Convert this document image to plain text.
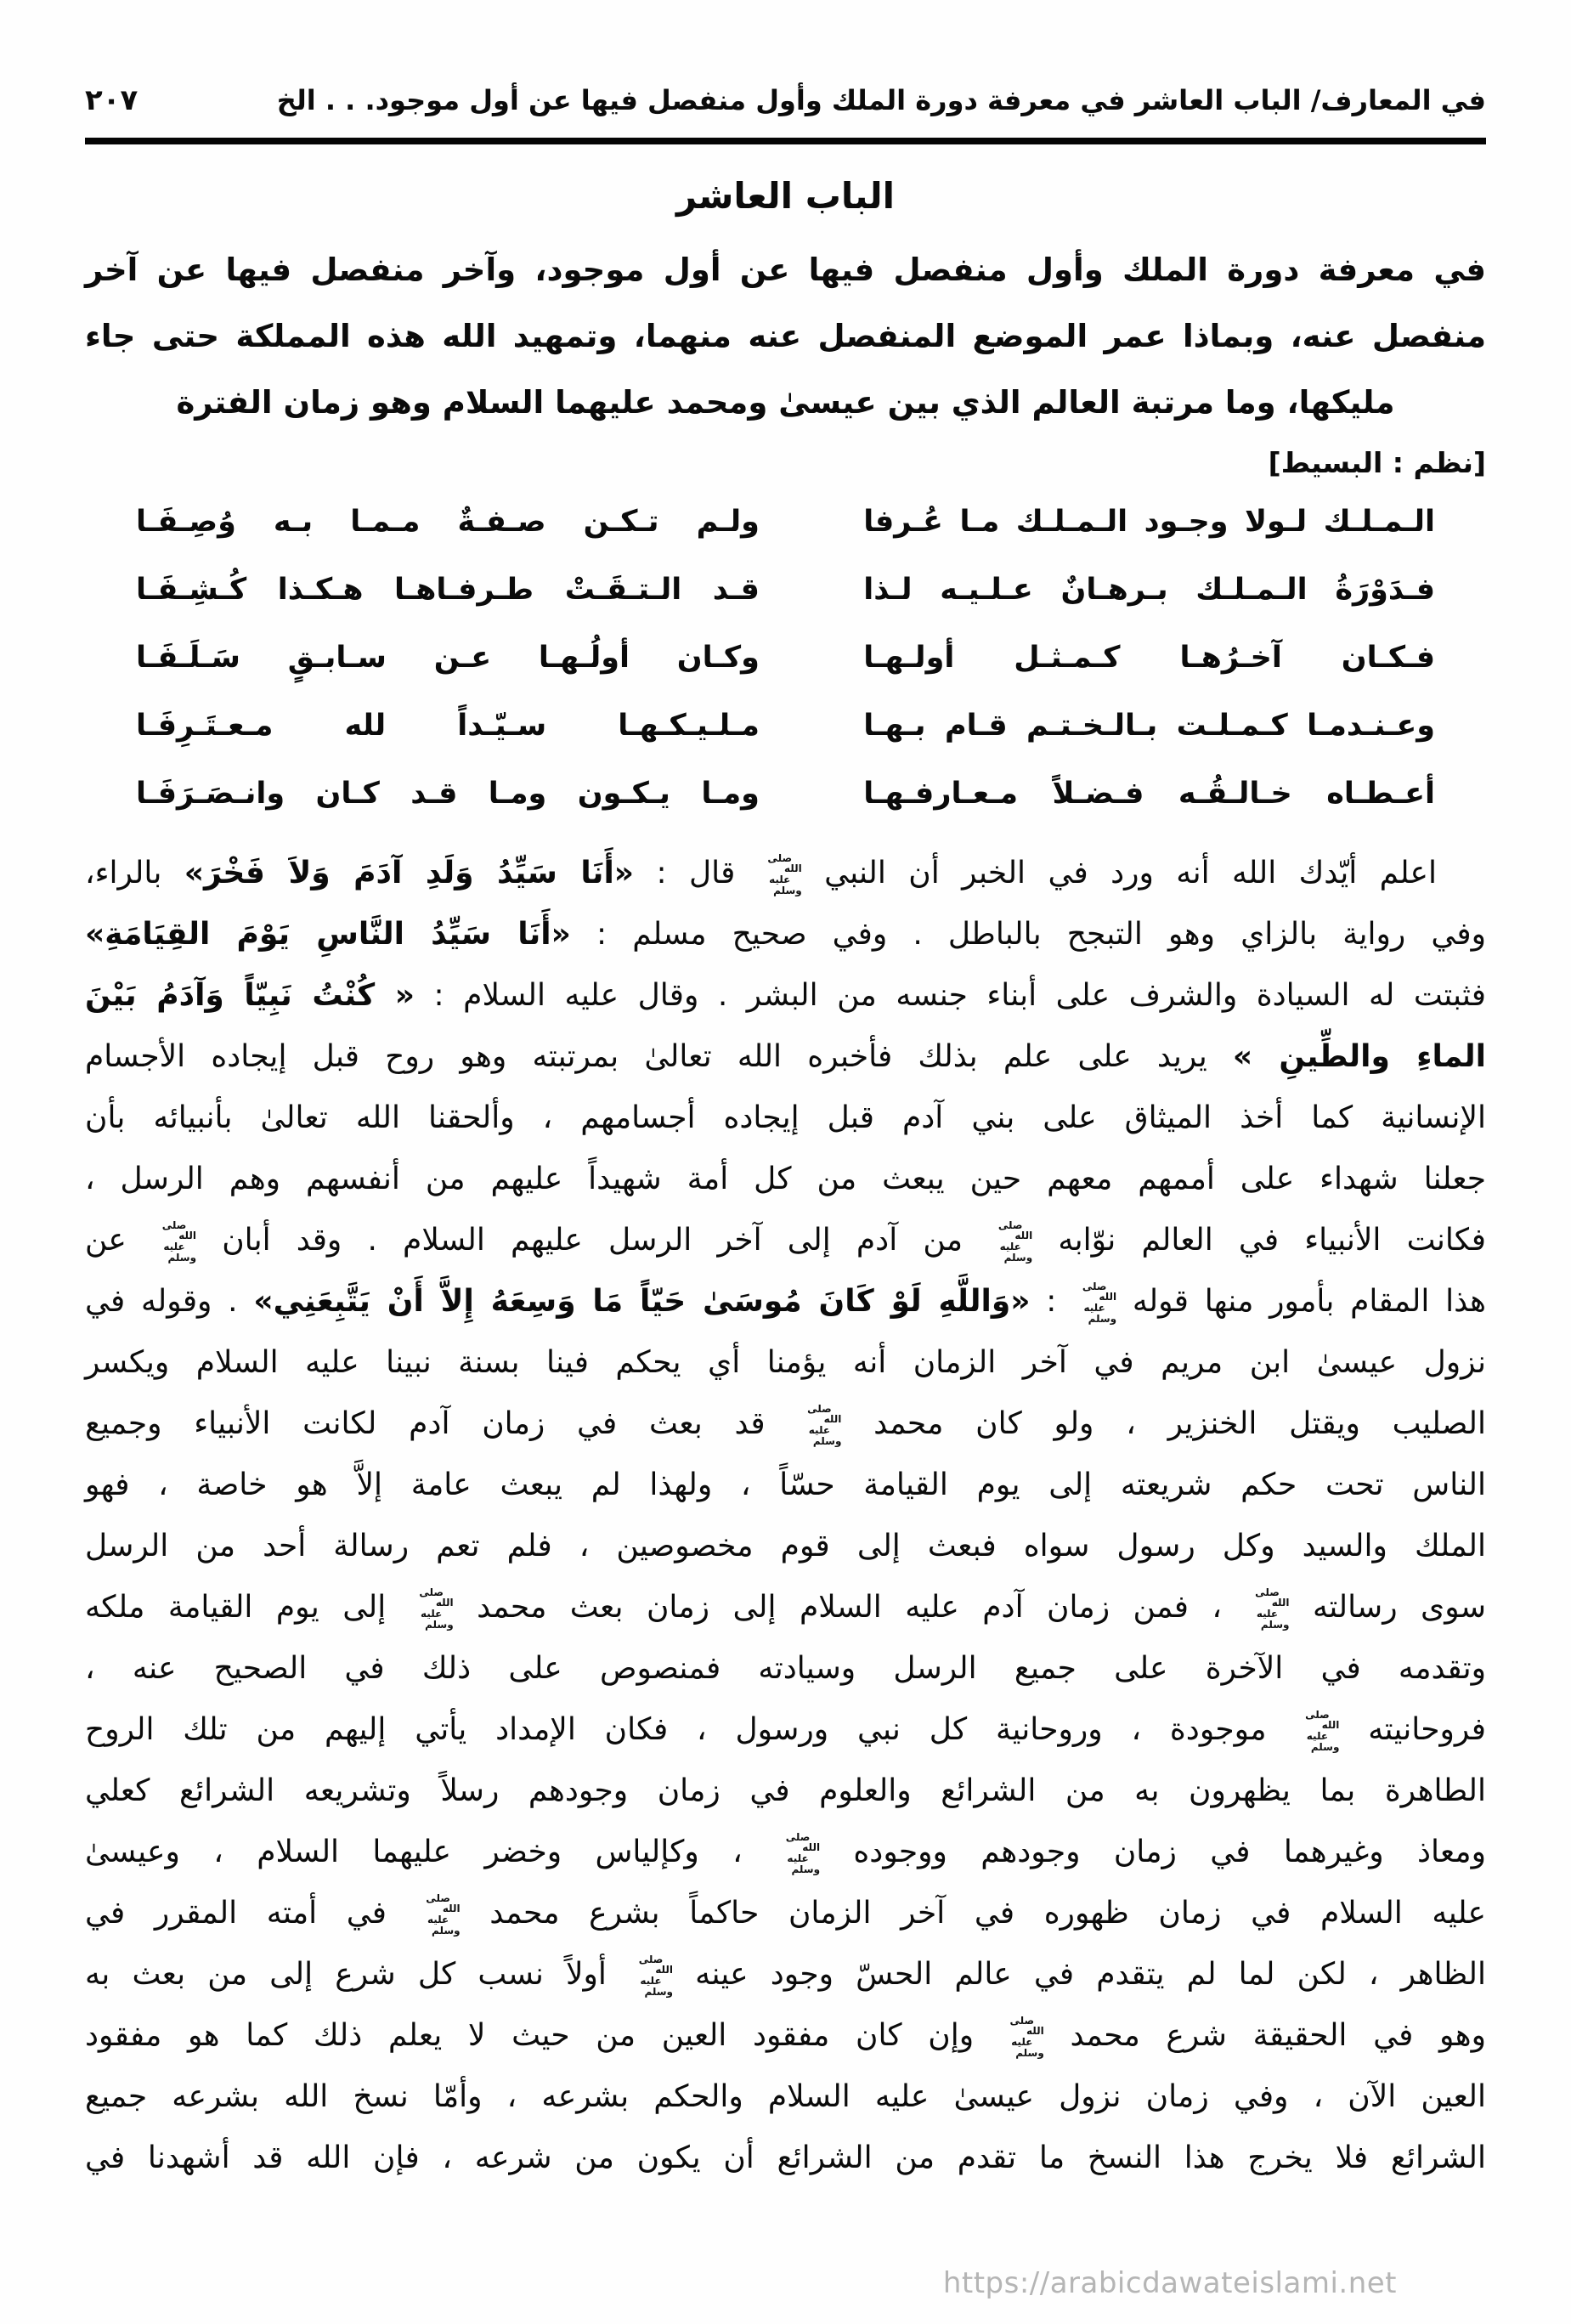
في المعارف/ الباب العاشر في معرفة دورة الملك وأول منفصل فيها عن أول موجود. . . الخ
٢٠٧
الباب العاشر
في معرفة دورة الملك وأول منفصل فيها عن أول موجود، وآخر منفصل فيها عن آخر
منفصل عنه، وبماذا عمر الموضع المنفصل عنه منهما، وتمهيد الله هذه المملكة حتى جاء
مليكها، وما مرتبة العالم الذي بين عيسىٰ ومحمد عليهما السلام وهو زمان الفترة
[نظم : البسيط]
الـمـلـك لـولا وجـود الـمـلـك مـا عُـرفا
ولـم تـكـن صـفـةٌ مـمـا بـه وُصِـفَـا
فـدَوْرَةُ الـمـلـك بـرهـانٌ عـلـيـه لـذا
قـد الـتـقَـتْ طـرفـاهـا هـكـذا كُـشِـفَـا
فـكـان آخـرُهـا كـمـثـل أولـهـا
وكـان أولُـهـا عـن سـابـقٍ سَـلَـفَـا
وعـنـدمـا كـمـلـت بـالـخـتـم قـام بـهـا
مـلـيـكـهـا سـيّـداً لله مـعـتَـرِفَـا
أعـطـاه خـالـقُـه فـضـلاً مـعـارفـهـا
ومـا يـكـون ومـا قـد كـان وانـصَـرَفَـا
اعلم أيّدك الله أنه ورد في الخبر أن النبي صلى الله
عليه وسلم قال : «أَنَا سَيِّدُ وَلَدِ آدَمَ وَلاَ فَخْرَ» بالراء،
وفي رواية بالزاي وهو التبجح بالباطل . وفي صحيح مسلم : «أَنَا سَيِّدُ النَّاسِ يَوْمَ القِيَامَةِ»
فثبتت له السيادة والشرف على أبناء جنسه من البشر . وقال عليه السلام : « كُنْتُ نَبِيّاً وَآدَمُ بَيْنَ
الماءِ والطِّينِ » يريد على علم بذلك فأخبره الله تعالىٰ بمرتبته وهو روح قبل إيجاده الأجسام
الإنسانية كما أخذ الميثاق على بني آدم قبل إيجاده أجسامهم ، وألحقنا الله تعالىٰ بأنبيائه بأن
جعلنا شهداء على أممهم معهم حين يبعث من كل أمة شهيداً عليهم من أنفسهم وهم الرسل ،
فكانت الأنبياء في العالم نوّابه صلى الله
عليه وسلم من آدم إلى آخر الرسل عليهم السلام . وقد أبان صلى الله
عليه وسلم عن
هذا المقام بأمور منها قوله صلى الله
عليه وسلم : «وَاللَّهِ لَوْ كَانَ مُوسَىٰ حَيّاً مَا وَسِعَهُ إِلاَّ أَنْ يَتَّبِعَنِي» . وقوله في
نزول عيسىٰ ابن مريم في آخر الزمان أنه يؤمنا أي يحكم فينا بسنة نبينا عليه السلام ويكسر
الصليب ويقتل الخنزير ، ولو كان محمد صلى الله
عليه وسلم قد بعث في زمان آدم لكانت الأنبياء وجميع
الناس تحت حكم شريعته إلى يوم القيامة حسّاً ، ولهذا لم يبعث عامة إلاَّ هو خاصة ، فهو
الملك والسيد وكل رسول سواه فبعث إلى قوم مخصوصين ، فلم تعم رسالة أحد من الرسل
سوى رسالته صلى الله
عليه وسلم ، فمن زمان آدم عليه السلام إلى زمان بعث محمد صلى الله
عليه وسلم إلى يوم القيامة ملكه
وتقدمه في الآخرة على جميع الرسل وسيادته فمنصوص على ذلك في الصحيح عنه ،
فروحانيته صلى الله
عليه وسلم موجودة ، وروحانية كل نبي ورسول ، فكان الإمداد يأتي إليهم من تلك الروح
الطاهرة بما يظهرون به من الشرائع والعلوم في زمان وجودهم رسلاً وتشريعه الشرائع كعلي
ومعاذ وغيرهما في زمان وجودهم ووجوده صلى الله
عليه وسلم ، وكإلياس وخضر عليهما السلام ، وعيسىٰ
عليه السلام في زمان ظهوره في آخر الزمان حاكماً بشرع محمد صلى الله
عليه وسلم في أمته المقرر في
الظاهر ، لكن لما لم يتقدم في عالم الحسّ وجود عينه صلى الله
عليه وسلم أولاً نسب كل شرع إلى من بعث به
وهو في الحقيقة شرع محمد صلى الله
عليه وسلم وإن كان مفقود العين من حيث لا يعلم ذلك كما هو مفقود
العين الآن ، وفي زمان نزول عيسىٰ عليه السلام والحكم بشرعه ، وأمّا نسخ الله بشرعه جميع
الشرائع فلا يخرج هذا النسخ ما تقدم من الشرائع أن يكون من شرعه ، فإن الله قد أشهدنا في
https://arabicdawateislami.net
